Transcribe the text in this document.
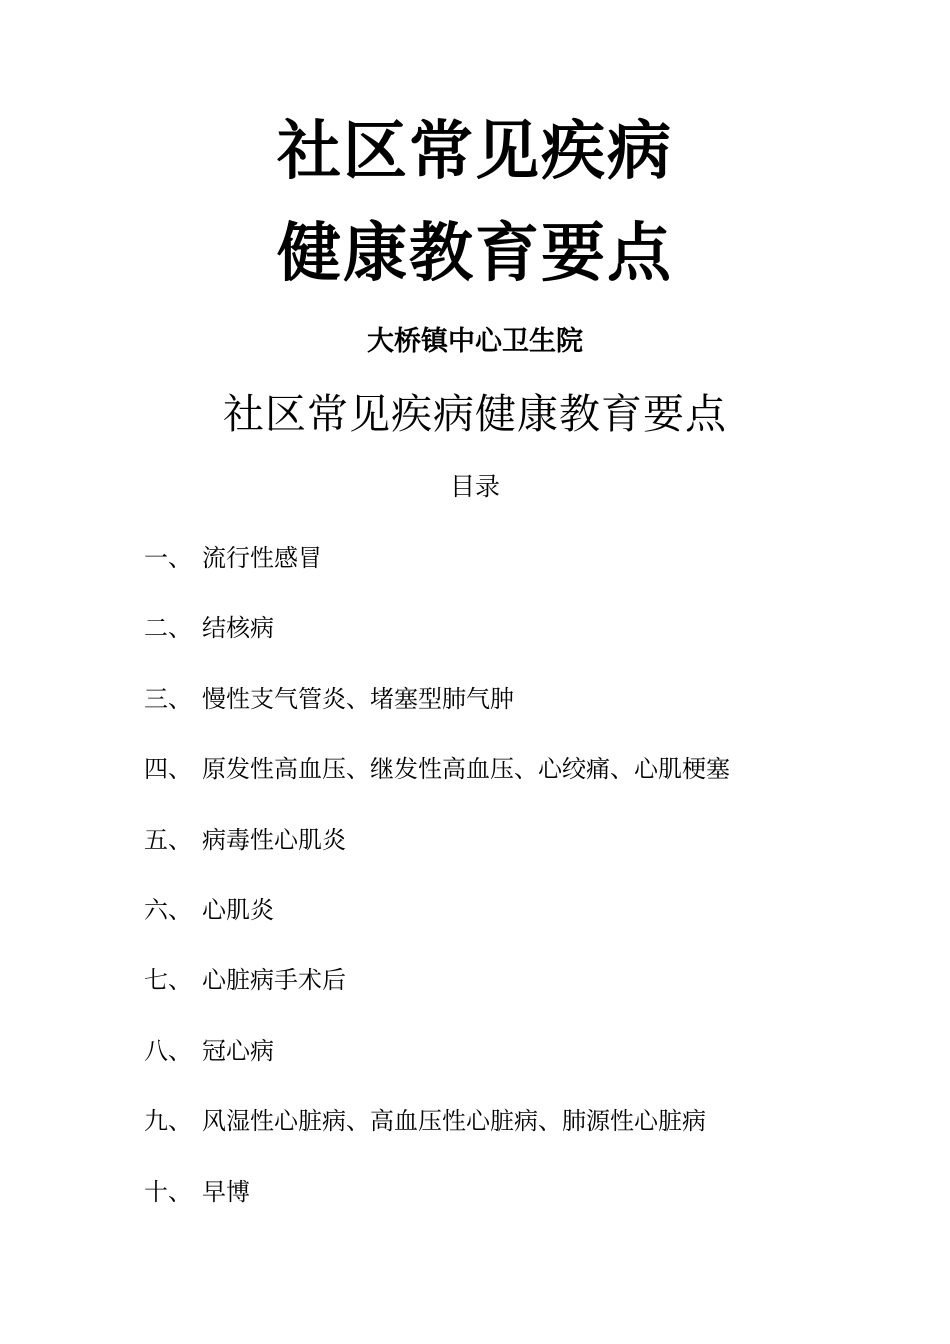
社区常见疾病
健康教育要点
大桥镇中心卫生院
社区常见疾病健康教育要点
目录
一、 流行性感冒
二、 结核病
三、 慢性支气管炎、堵塞型肺气肿
四、 原发性高血压、继发性高血压、心绞痛、心肌梗塞
五、 病毒性心肌炎
六、 心肌炎
七、 心脏病手术后
八、 冠心病
九、 风湿性心脏病、高血压性心脏病、肺源性心脏病
十、 早博
